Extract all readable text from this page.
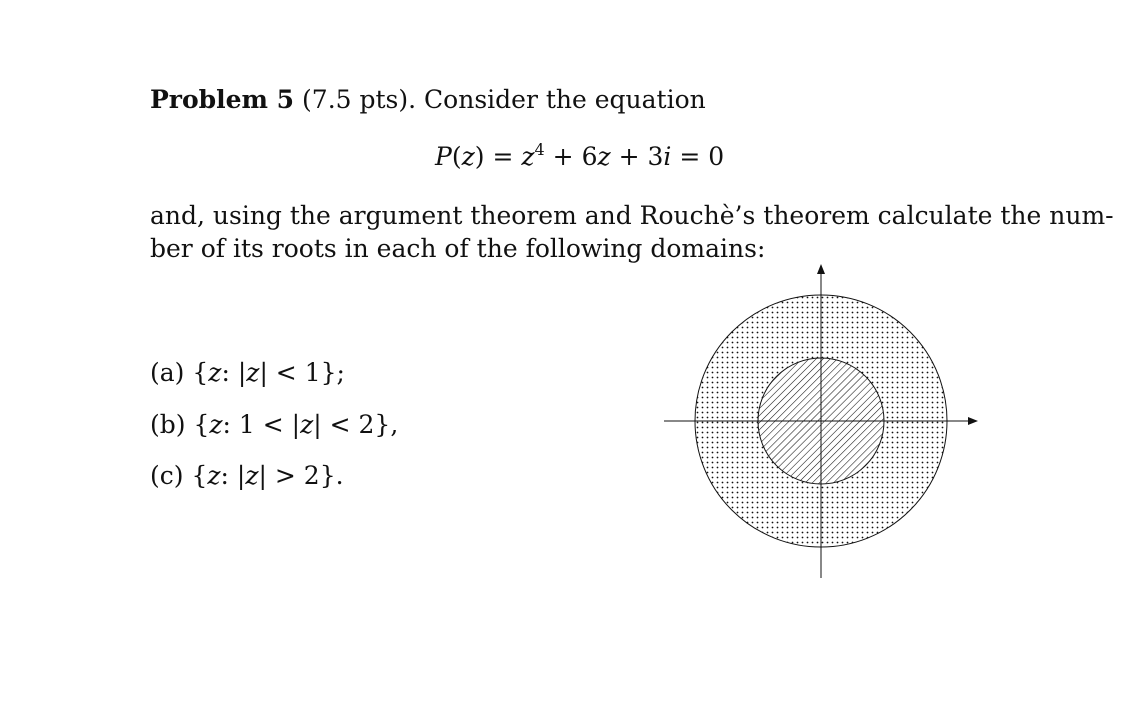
Problem 5 (7.5 pts). Consider the equation
$P(z) = z^4 + 6z + 3i = 0$
and, using the argument theorem and Rouchè’s theorem calculate the num-
ber of its roots in each of the following domains:
(a) {z: |z| < 1};
(b) {z: 1 < |z| < 2},
(c) {z: |z| > 2}.
